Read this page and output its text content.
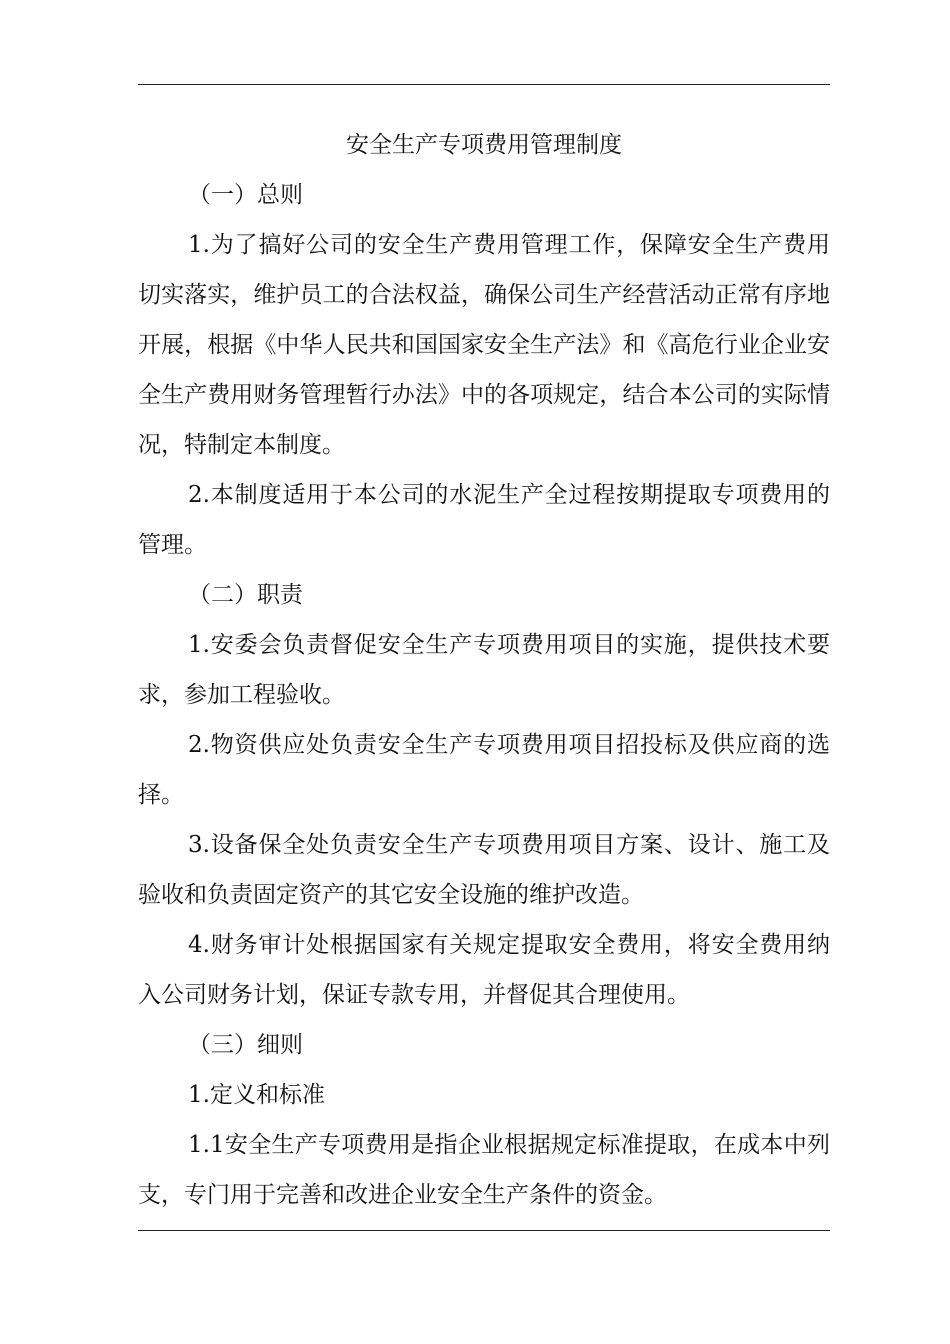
安全生产专项费用管理制度

（一）总则

1.为了搞好公司的安全生产费用管理工作，保障安全生产费用切实落实，维护员工的合法权益，确保公司生产经营活动正常有序地开展，根据《中华人民共和国国家安全生产法》和《高危行业企业安全生产费用财务管理暂行办法》中的各项规定，结合本公司的实际情况，特制定本制度。

2.本制度适用于本公司的水泥生产全过程按期提取专项费用的管理。

（二）职责

1.安委会负责督促安全生产专项费用项目的实施，提供技术要求，参加工程验收。

2.物资供应处负责安全生产专项费用项目招投标及供应商的选择。

3.设备保全处负责安全生产专项费用项目方案、设计、施工及验收和负责固定资产的其它安全设施的维护改造。

4.财务审计处根据国家有关规定提取安全费用，将安全费用纳入公司财务计划，保证专款专用，并督促其合理使用。

（三）细则

1.定义和标准

1.1安全生产专项费用是指企业根据规定标准提取，在成本中列支，专门用于完善和改进企业安全生产条件的资金。
